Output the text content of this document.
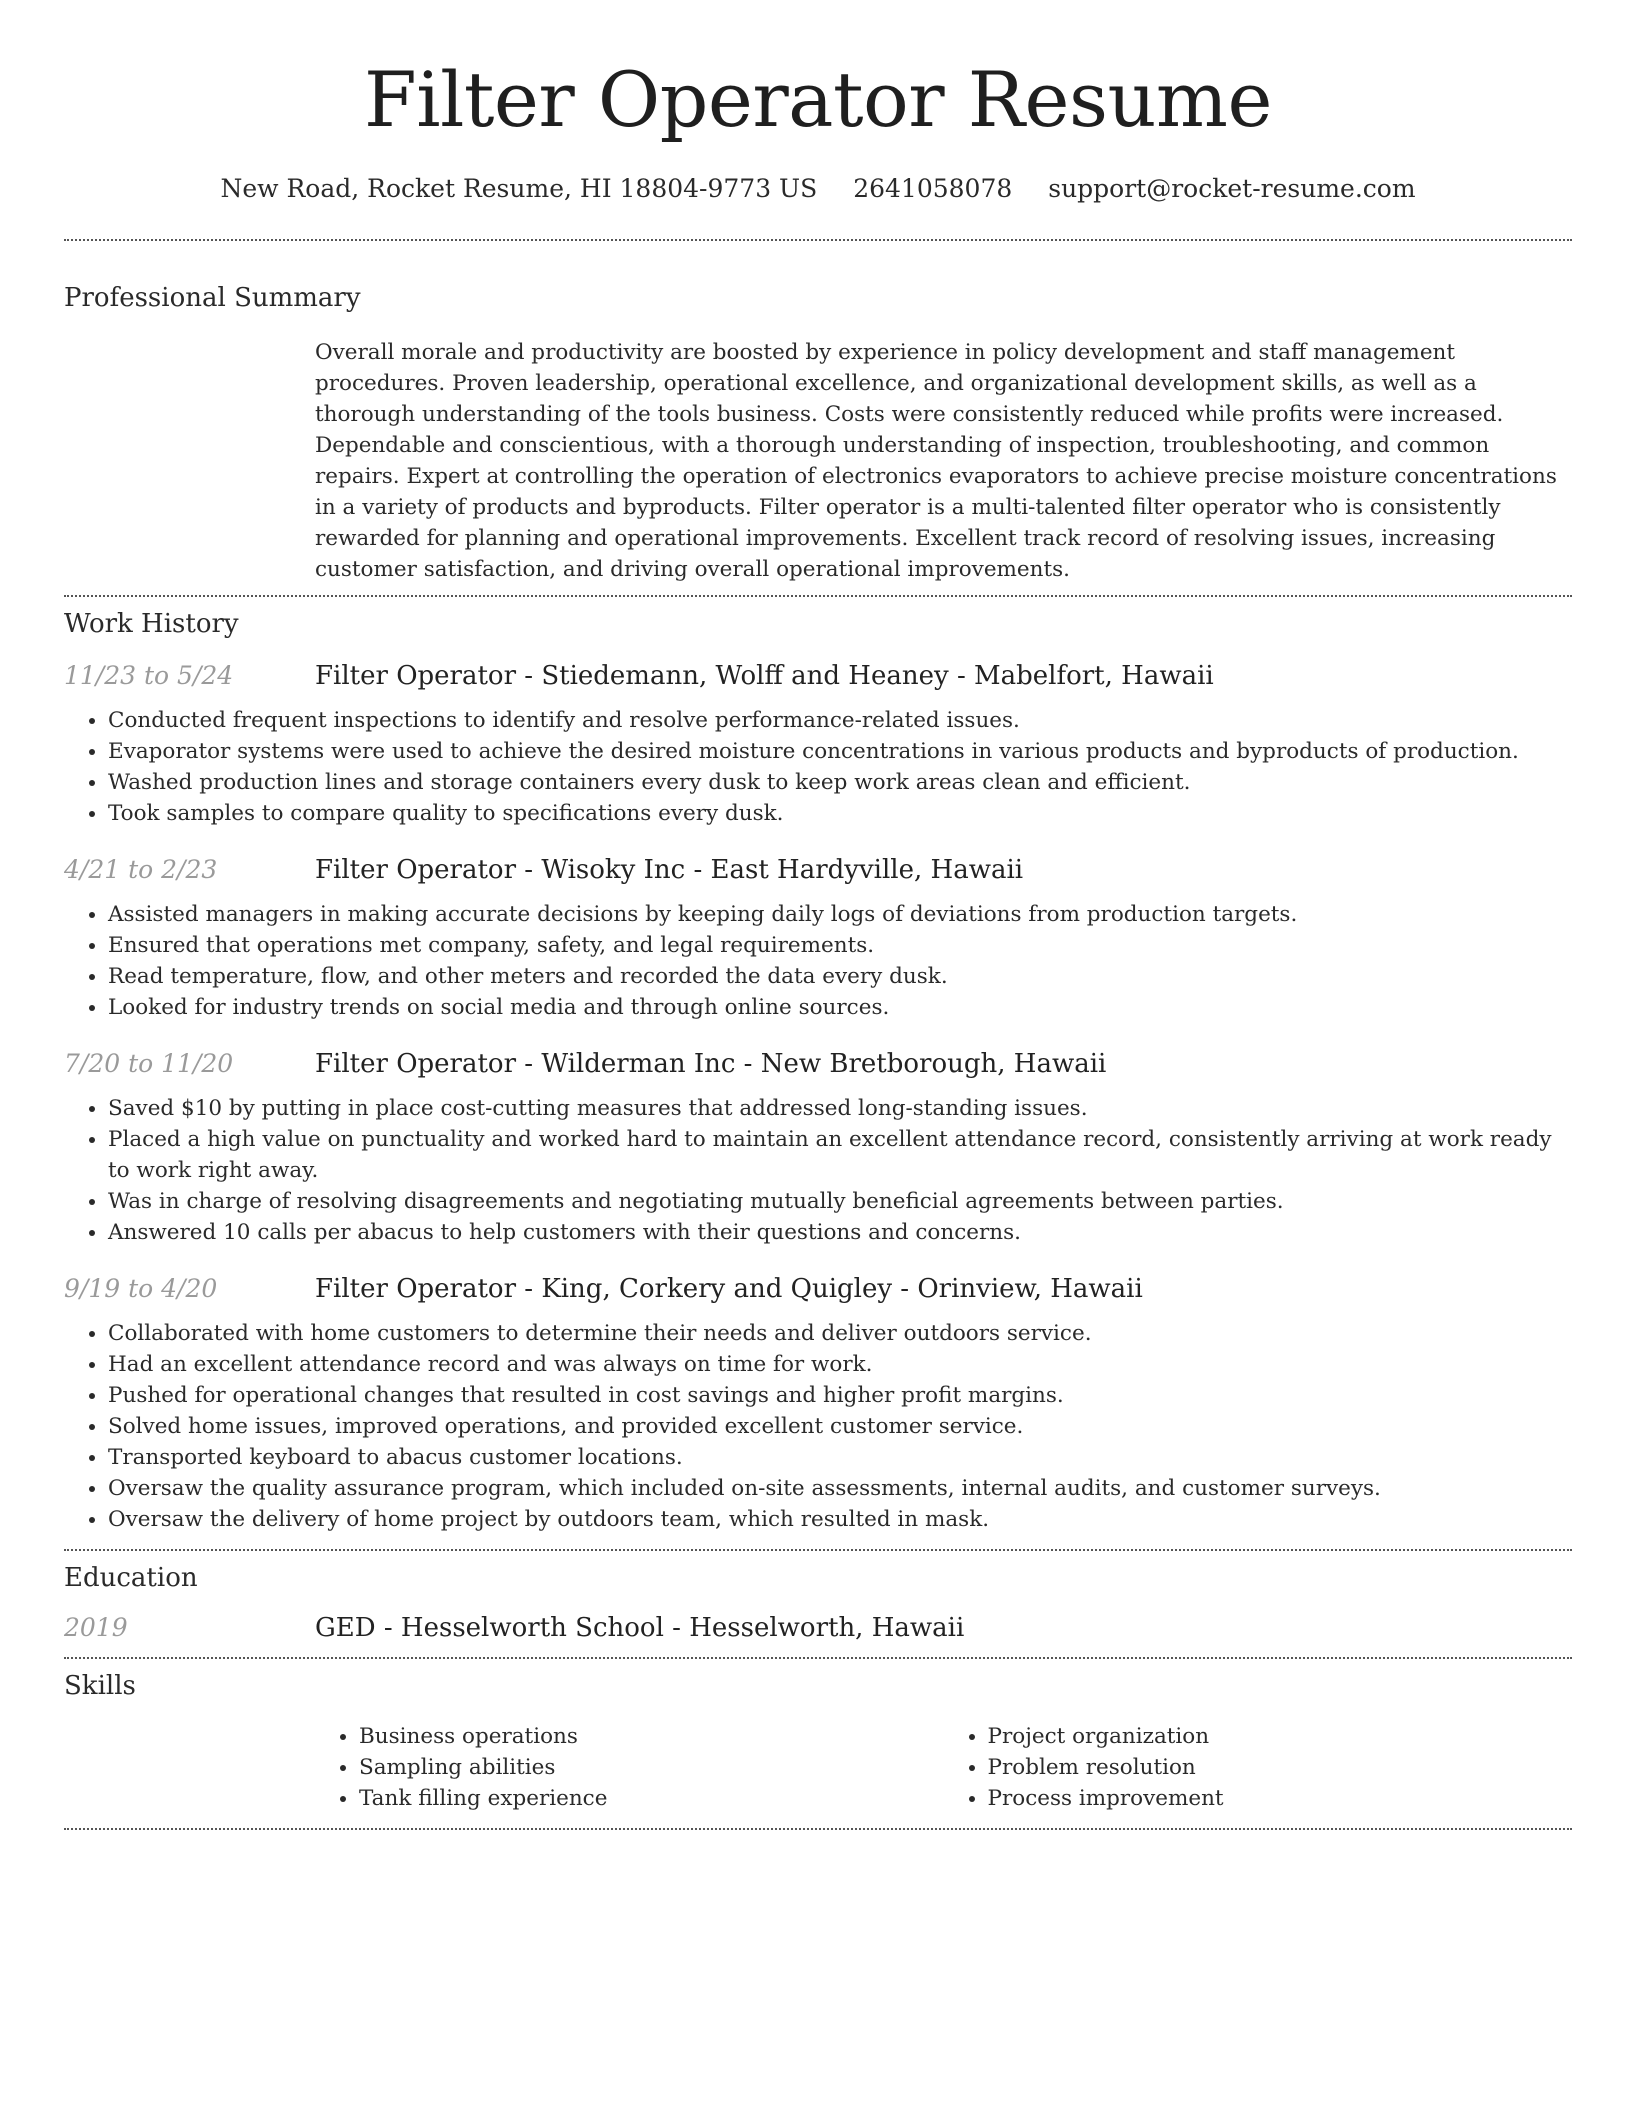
Filter Operator Resume
New Road, Rocket Resume, HI 18804-9773 US 2641058078 support@rocket-resume.com
Professional Summary

Overall morale and productivity are boosted by experience in policy development and staff management procedures. Proven leadership, operational excellence, and organizational development skills, as well as a thorough understanding of the tools business. Costs were consistently reduced while profits were increased. Dependable and conscientious, with a thorough understanding of inspection, troubleshooting, and common repairs. Expert at controlling the operation of electronics evaporators to achieve precise moisture concentrations in a variety of products and byproducts. Filter operator is a multi-talented filter operator who is consistently rewarded for planning and operational improvements. Excellent track record of resolving issues, increasing customer satisfaction, and driving overall operational improvements.

Work History
11/23 to 5/24	Filter Operator - Stiedemann, Wolff and Heaney - Mabelfort, Hawaii
• Conducted frequent inspections to identify and resolve performance-related issues.
• Evaporator systems were used to achieve the desired moisture concentrations in various products and byproducts of production.
• Washed production lines and storage containers every dusk to keep work areas clean and efficient.
• Took samples to compare quality to specifications every dusk.
4/21 to 2/23	Filter Operator - Wisoky Inc - East Hardyville, Hawaii
• Assisted managers in making accurate decisions by keeping daily logs of deviations from production targets.
• Ensured that operations met company, safety, and legal requirements.
• Read temperature, flow, and other meters and recorded the data every dusk.
• Looked for industry trends on social media and through online sources.
7/20 to 11/20	Filter Operator - Wilderman Inc - New Bretborough, Hawaii
• Saved $10 by putting in place cost-cutting measures that addressed long-standing issues.
• Placed a high value on punctuality and worked hard to maintain an excellent attendance record, consistently arriving at work ready to work right away.
• Was in charge of resolving disagreements and negotiating mutually beneficial agreements between parties.
• Answered 10 calls per abacus to help customers with their questions and concerns.
9/19 to 4/20	Filter Operator - King, Corkery and Quigley - Orinview, Hawaii
• Collaborated with home customers to determine their needs and deliver outdoors service.
• Had an excellent attendance record and was always on time for work.
• Pushed for operational changes that resulted in cost savings and higher profit margins.
• Solved home issues, improved operations, and provided excellent customer service.
• Transported keyboard to abacus customer locations.
• Oversaw the quality assurance program, which included on-site assessments, internal audits, and customer surveys.
• Oversaw the delivery of home project by outdoors team, which resulted in mask.
Education
2019	GED - Hesselworth School - Hesselworth, Hawaii
Skills
• Business operations
• Sampling abilities
• Tank filling experience
• Project organization
• Problem resolution
• Process improvement
